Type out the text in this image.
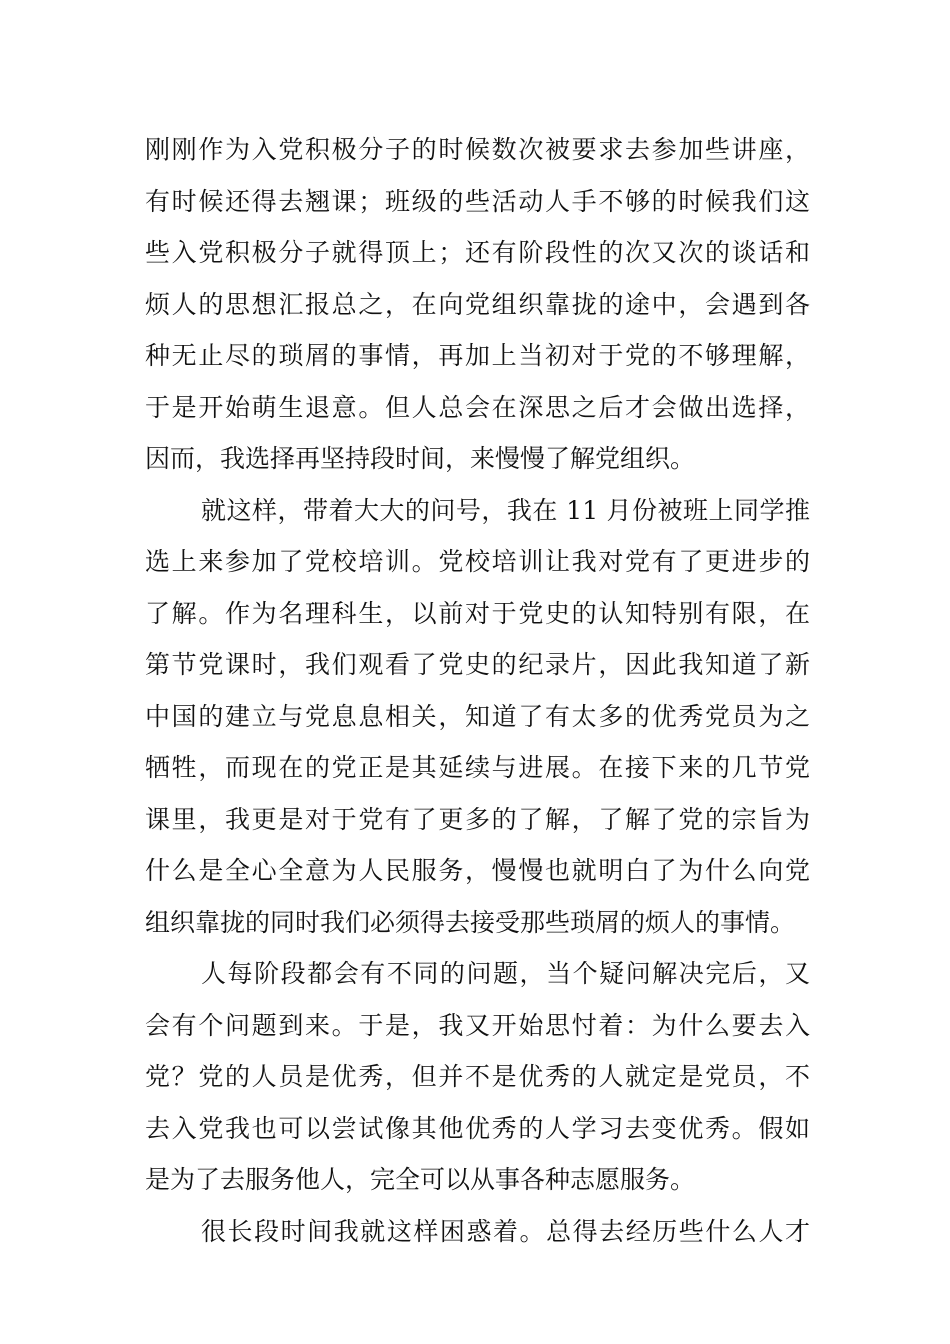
刚刚作为入党积极分子的时候数次被要求去参加些讲座，
有时候还得去翘课；班级的些活动人手不够的时候我们这
些入党积极分子就得顶上；还有阶段性的次又次的谈话和
烦人的思想汇报总之，在向党组织靠拢的途中，会遇到各
种无止尽的琐屑的事情，再加上当初对于党的不够理解，
于是开始萌生退意。但人总会在深思之后才会做出选择，
因而，我选择再坚持段时间，来慢慢了解党组织。
就这样，带着大大的问号，我在 11 月份被班上同学推
选上来参加了党校培训。党校培训让我对党有了更进步的
了解。作为名理科生，以前对于党史的认知特别有限，在
第节党课时，我们观看了党史的纪录片，因此我知道了新
中国的建立与党息息相关，知道了有太多的优秀党员为之
牺牲，而现在的党正是其延续与进展。在接下来的几节党
课里，我更是对于党有了更多的了解，了解了党的宗旨为
什么是全心全意为人民服务，慢慢也就明白了为什么向党
组织靠拢的同时我们必须得去接受那些琐屑的烦人的事情。
人每阶段都会有不同的问题，当个疑问解决完后，又
会有个问题到来。于是，我又开始思忖着：为什么要去入
党？党的人员是优秀，但并不是优秀的人就定是党员，不
去入党我也可以尝试像其他优秀的人学习去变优秀。假如
是为了去服务他人，完全可以从事各种志愿服务。
很长段时间我就这样困惑着。总得去经历些什么人才
